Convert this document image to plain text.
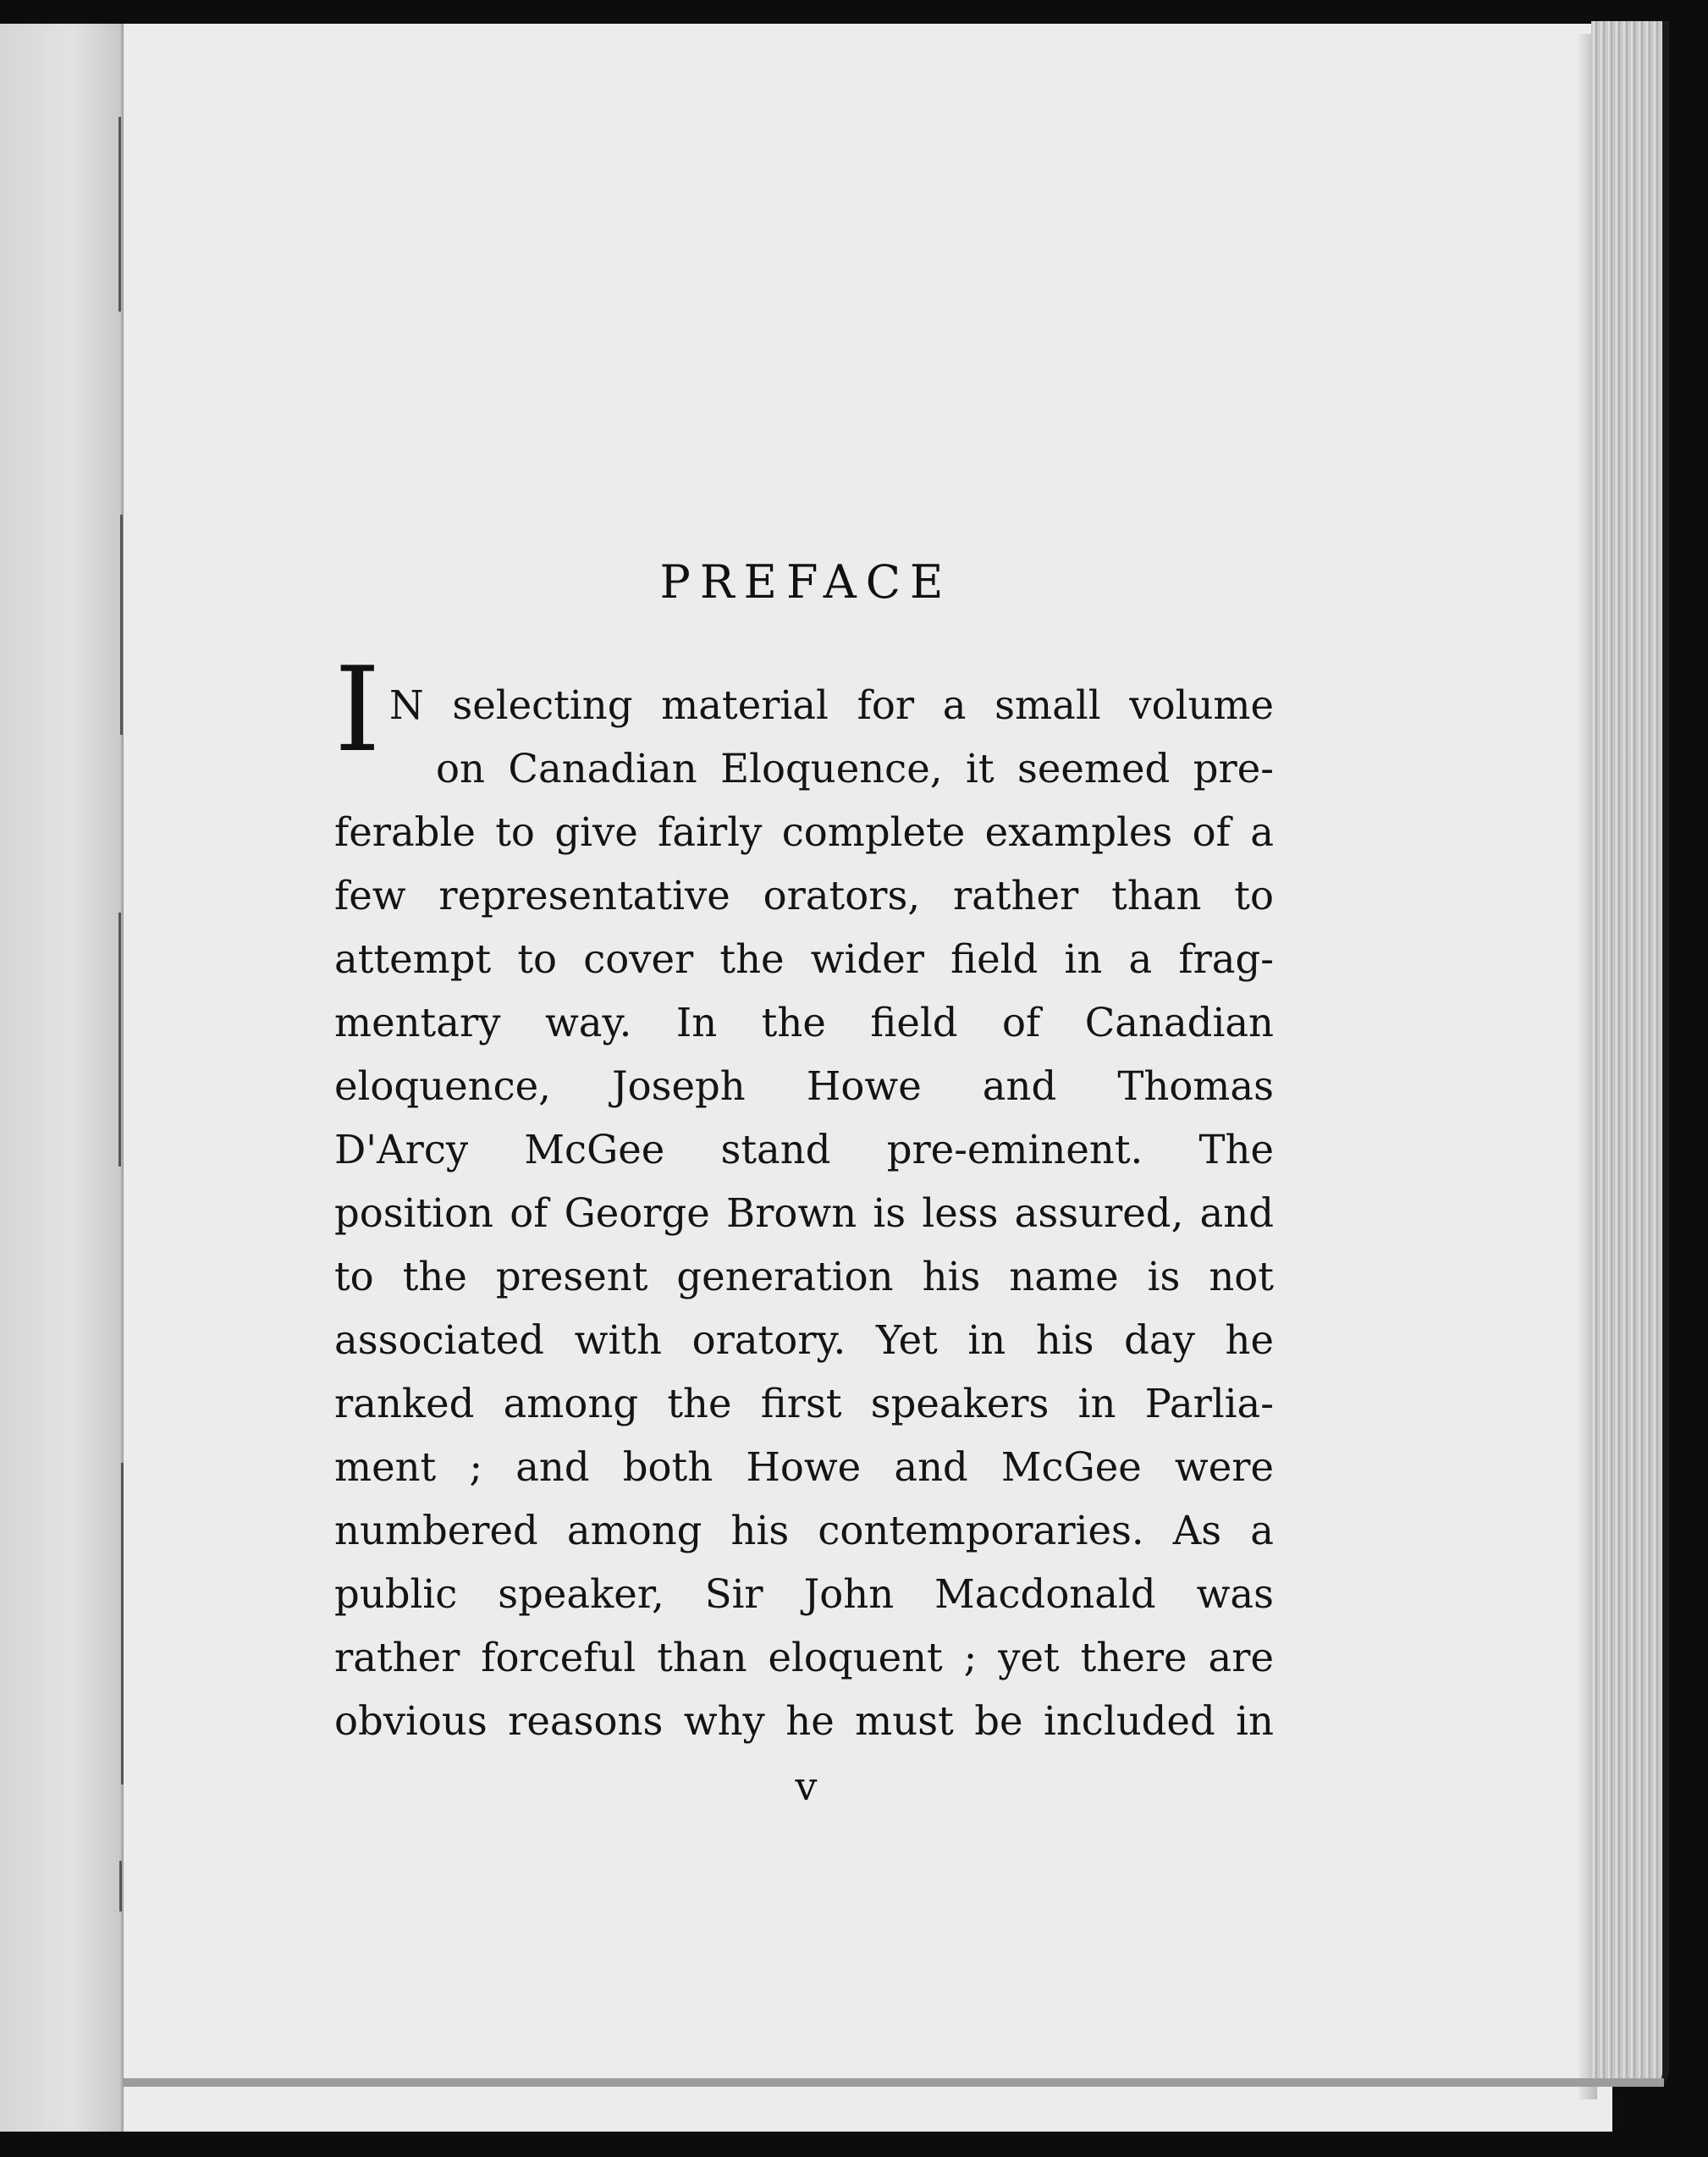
PREFACE
I N selecting material for a small volume
on Canadian Eloquence, it seemed pre-
ferable to give fairly complete examples of a
few representative orators, rather than to
attempt to cover the wider field in a frag-
mentary way. In the field of Canadian
eloquence, Joseph Howe and Thomas
D'Arcy McGee stand pre-eminent. The
position of George Brown is less assured, and
to the present generation his name is not
associated with oratory. Yet in his day he
ranked among the first speakers in Parlia-
ment ; and both Howe and McGee were
numbered among his contemporaries. As a
public speaker, Sir John Macdonald was
rather forceful than eloquent ; yet there are
obvious reasons why he must be included in
v
